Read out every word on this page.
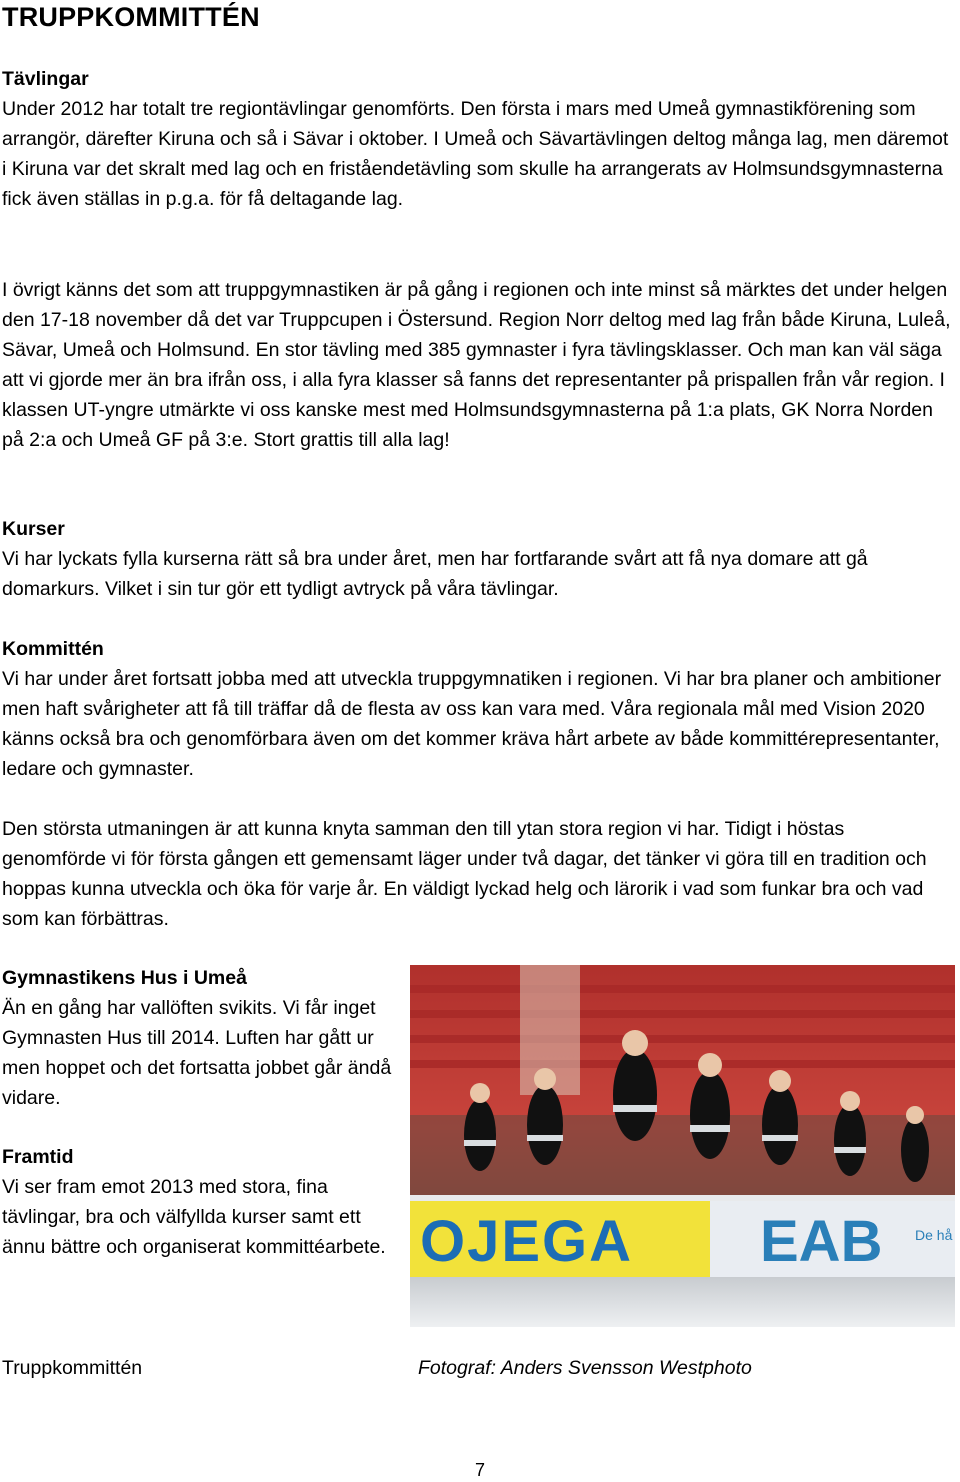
TRUPPKOMMITTÉN
Tävlingar

Under 2012 har totalt tre regiontävlingar genomförts. Den första i mars med Umeå gymnastikförening som arrangör, därefter Kiruna och så i Sävar i oktober. I Umeå och Sävartävlingen deltog många lag, men däremot i Kiruna var det skralt med lag och en friståendetävling som skulle ha arrangerats av Holmsundsgymnasterna fick även ställas in p.g.a. för få deltagande lag.

I övrigt känns det som att truppgymnastiken är på gång i regionen och inte minst så märktes det under helgen den 17-18 november då det var Truppcupen i Östersund. Region Norr deltog med lag från både Kiruna, Luleå, Sävar, Umeå och Holmsund. En stor tävling med 385 gymnaster i fyra tävlingsklasser. Och man kan väl säga att vi gjorde mer än bra ifrån oss, i alla fyra klasser så fanns det representanter på prispallen från vår region. I klassen UT-yngre utmärkte vi oss kanske mest med Holmsundsgymnasterna på 1:a plats, GK Norra Norden på 2:a och Umeå GF på 3:e. Stort grattis till alla lag!

Kurser

Vi har lyckats fylla kurserna rätt så bra under året, men har fortfarande svårt att få nya domare att gå domarkurs. Vilket i sin tur gör ett tydligt avtryck på våra tävlingar.

Kommittén

Vi har under året fortsatt jobba med att utveckla truppgymnatiken i regionen. Vi har bra planer och ambitioner men haft svårigheter att få till träffar då de flesta av oss kan vara med. Våra regionala mål med Vision 2020 känns också bra och genomförbara även om det kommer kräva hårt arbete av både kommittérepresentanter, ledare och gymnaster.

Den största utmaningen är att kunna knyta samman den till ytan stora region vi har. Tidigt i höstas genomförde vi för första gången ett gemensamt läger under två dagar, det tänker vi göra till en tradition och hoppas kunna utveckla och öka för varje år. En väldigt lyckad helg och lärorik i vad som funkar bra och vad som kan förbättras.

Gymnastikens Hus i Umeå

Än en gång har vallöften svikits. Vi får inget Gymnasten Hus till 2014. Luften har gått ur men hoppet och det fortsatta jobbet går ändå vidare.

Framtid

Vi ser fram emot 2013 med stora, fina tävlingar, bra och välfyllda kurser samt ett ännu bättre och organiserat kommittéarbete. OJEGA EAB De hå
Truppkommittén	Fotograf: Anders Svensson Westphoto
7
